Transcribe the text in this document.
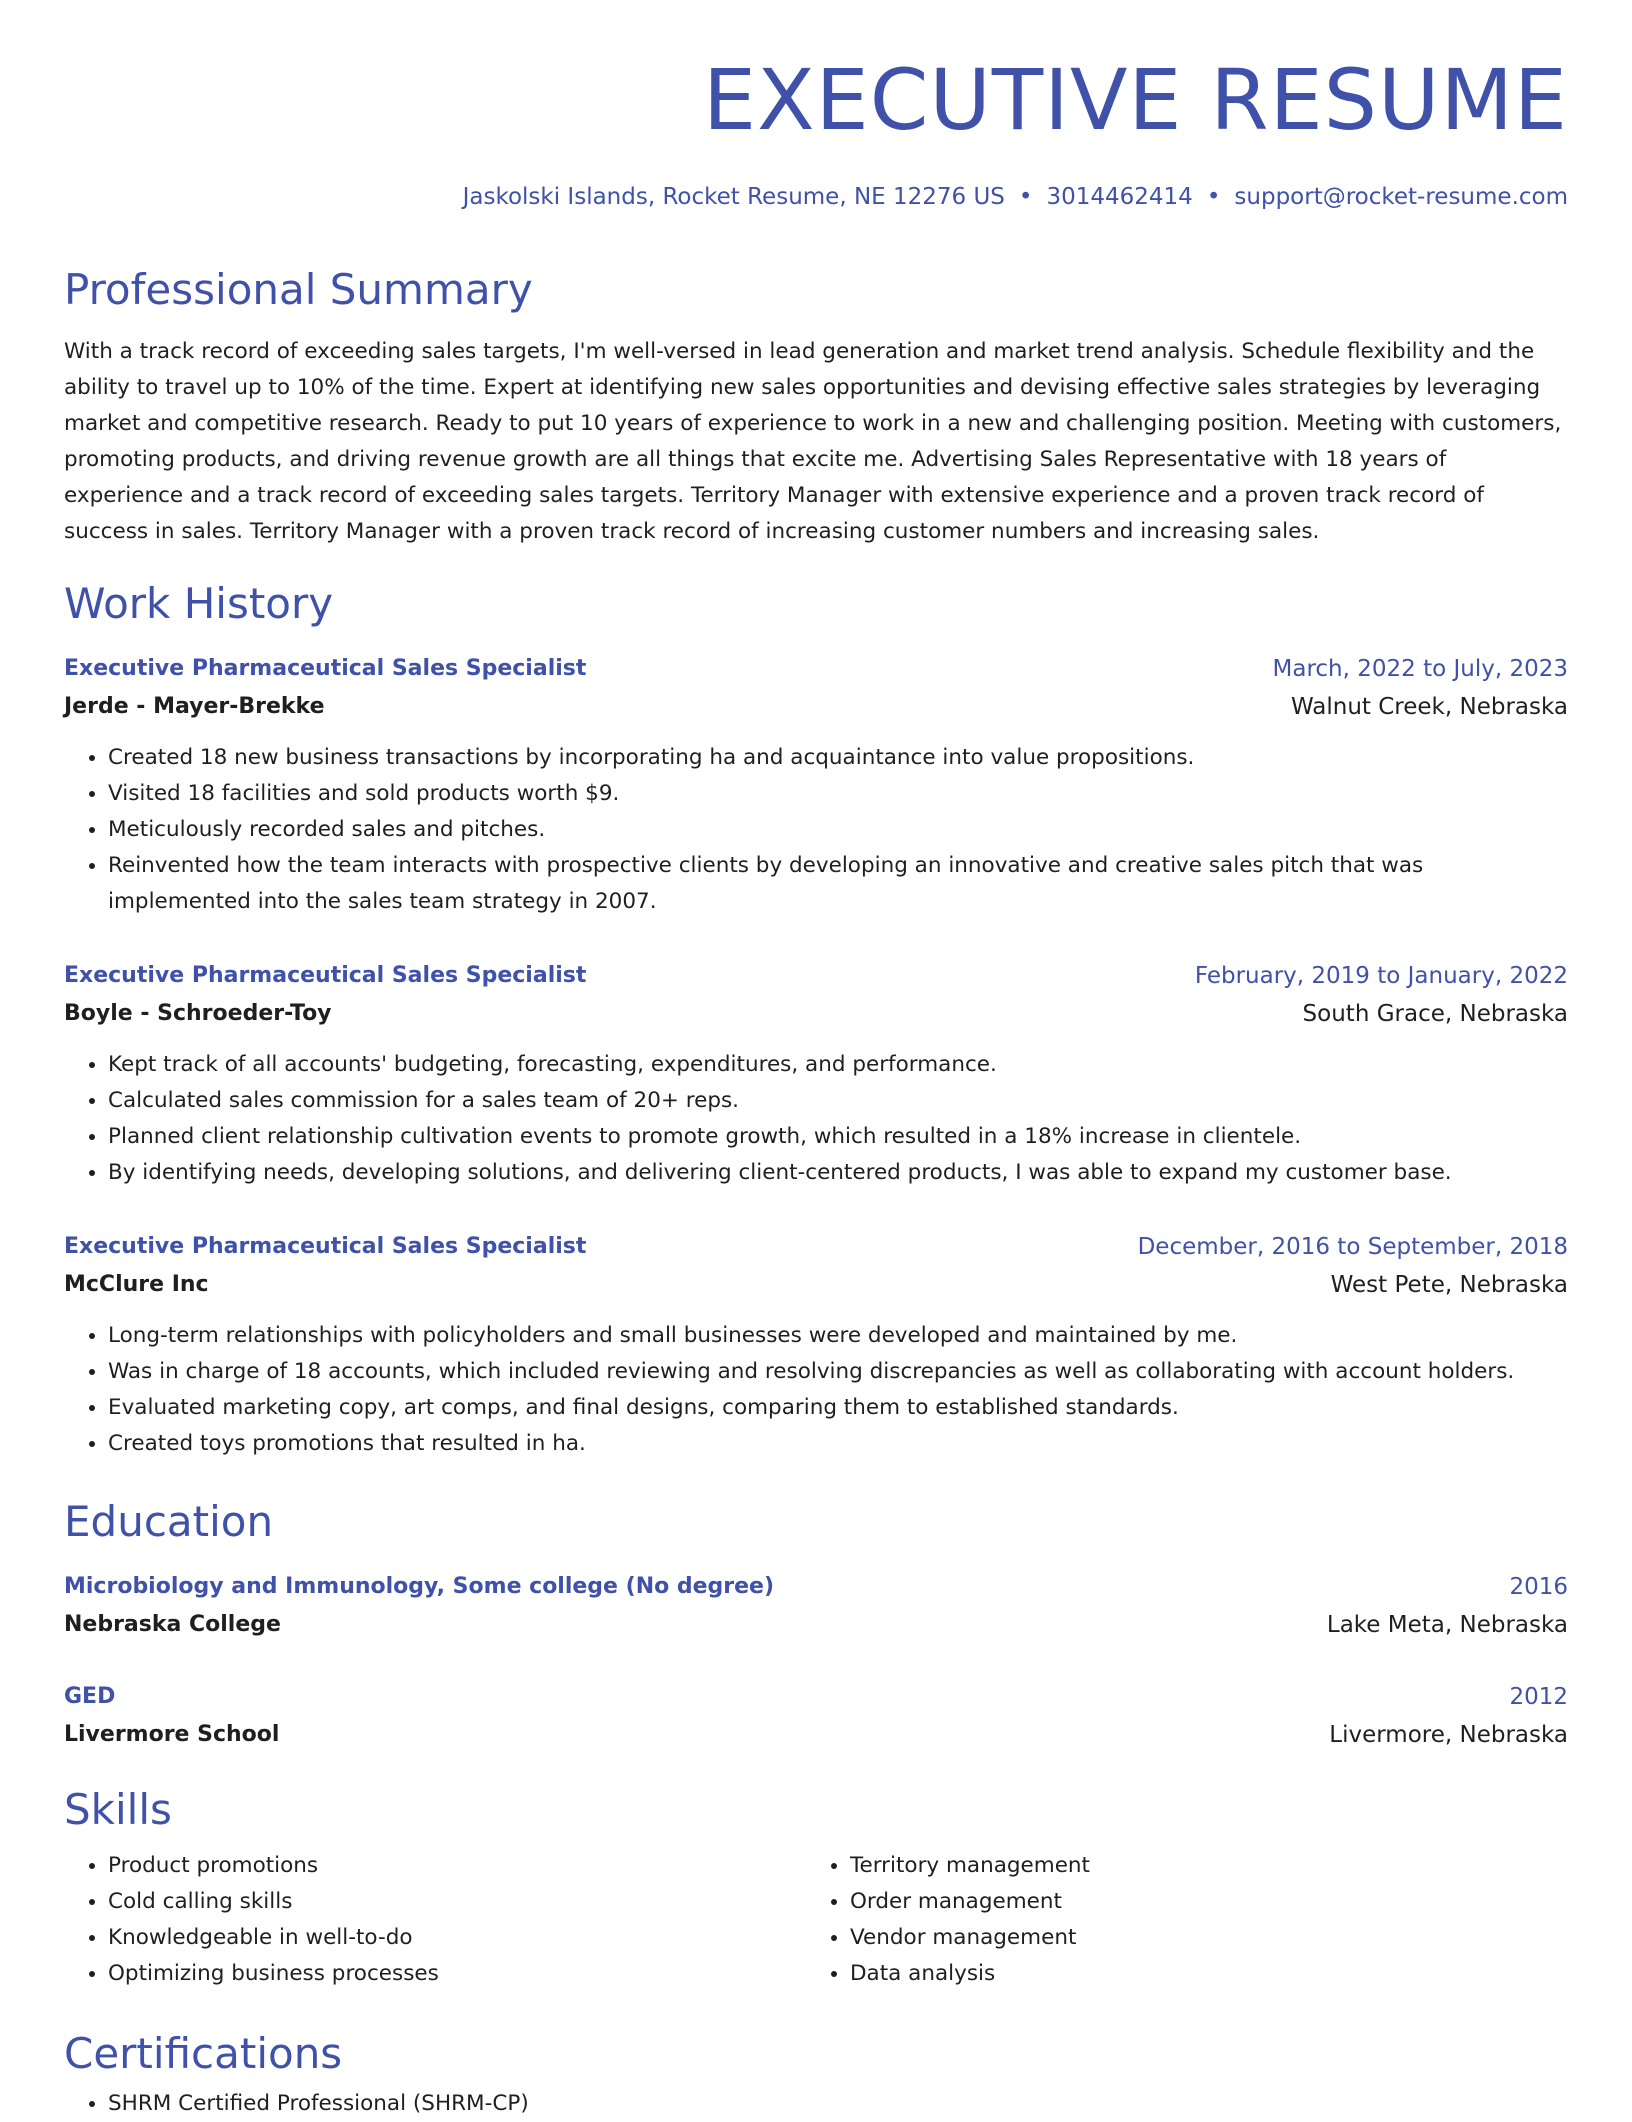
EXECUTIVE RESUME
Jaskolski Islands, Rocket Resume, NE 12276 US • 3014462414 • support@rocket-resume.com
Professional Summary

With a track record of exceeding sales targets, I'm well-versed in lead generation and market trend analysis. Schedule flexibility and the ability to travel up to 10% of the time. Expert at identifying new sales opportunities and devising effective sales strategies by leveraging market and competitive research. Ready to put 10 years of experience to work in a new and challenging position. Meeting with customers, promoting products, and driving revenue growth are all things that excite me. Advertising Sales Representative with 18 years of experience and a track record of exceeding sales targets. Territory Manager with extensive experience and a proven track record of success in sales. Territory Manager with a proven track record of increasing customer numbers and increasing sales.

Work History
Executive Pharmaceutical Sales Specialist	March, 2022 to July, 2023
Jerde - Mayer-Brekke	Walnut Creek, Nebraska
• Created 18 new business transactions by incorporating ha and acquaintance into value propositions.
• Visited 18 facilities and sold products worth $9.
• Meticulously recorded sales and pitches.
• Reinvented how the team interacts with prospective clients by developing an innovative and creative sales pitch that was implemented into the sales team strategy in 2007.
Executive Pharmaceutical Sales Specialist	February, 2019 to January, 2022
Boyle - Schroeder-Toy	South Grace, Nebraska
• Kept track of all accounts' budgeting, forecasting, expenditures, and performance.
• Calculated sales commission for a sales team of 20+ reps.
• Planned client relationship cultivation events to promote growth, which resulted in a 18% increase in clientele.
• By identifying needs, developing solutions, and delivering client-centered products, I was able to expand my customer base.
Executive Pharmaceutical Sales Specialist	December, 2016 to September, 2018
McClure Inc	West Pete, Nebraska
• Long-term relationships with policyholders and small businesses were developed and maintained by me.
• Was in charge of 18 accounts, which included reviewing and resolving discrepancies as well as collaborating with account holders.
• Evaluated marketing copy, art comps, and final designs, comparing them to established standards.
• Created toys promotions that resulted in ha.
Education
Microbiology and Immunology, Some college (No degree)	2016
Nebraska College	Lake Meta, Nebraska
GED	2012
Livermore School	Livermore, Nebraska
Skills
• Product promotions
• Cold calling skills
• Knowledgeable in well-to-do
• Optimizing business processes
• Territory management
• Order management
• Vendor management
• Data analysis
Certifications
• SHRM Certified Professional (SHRM-CP)
